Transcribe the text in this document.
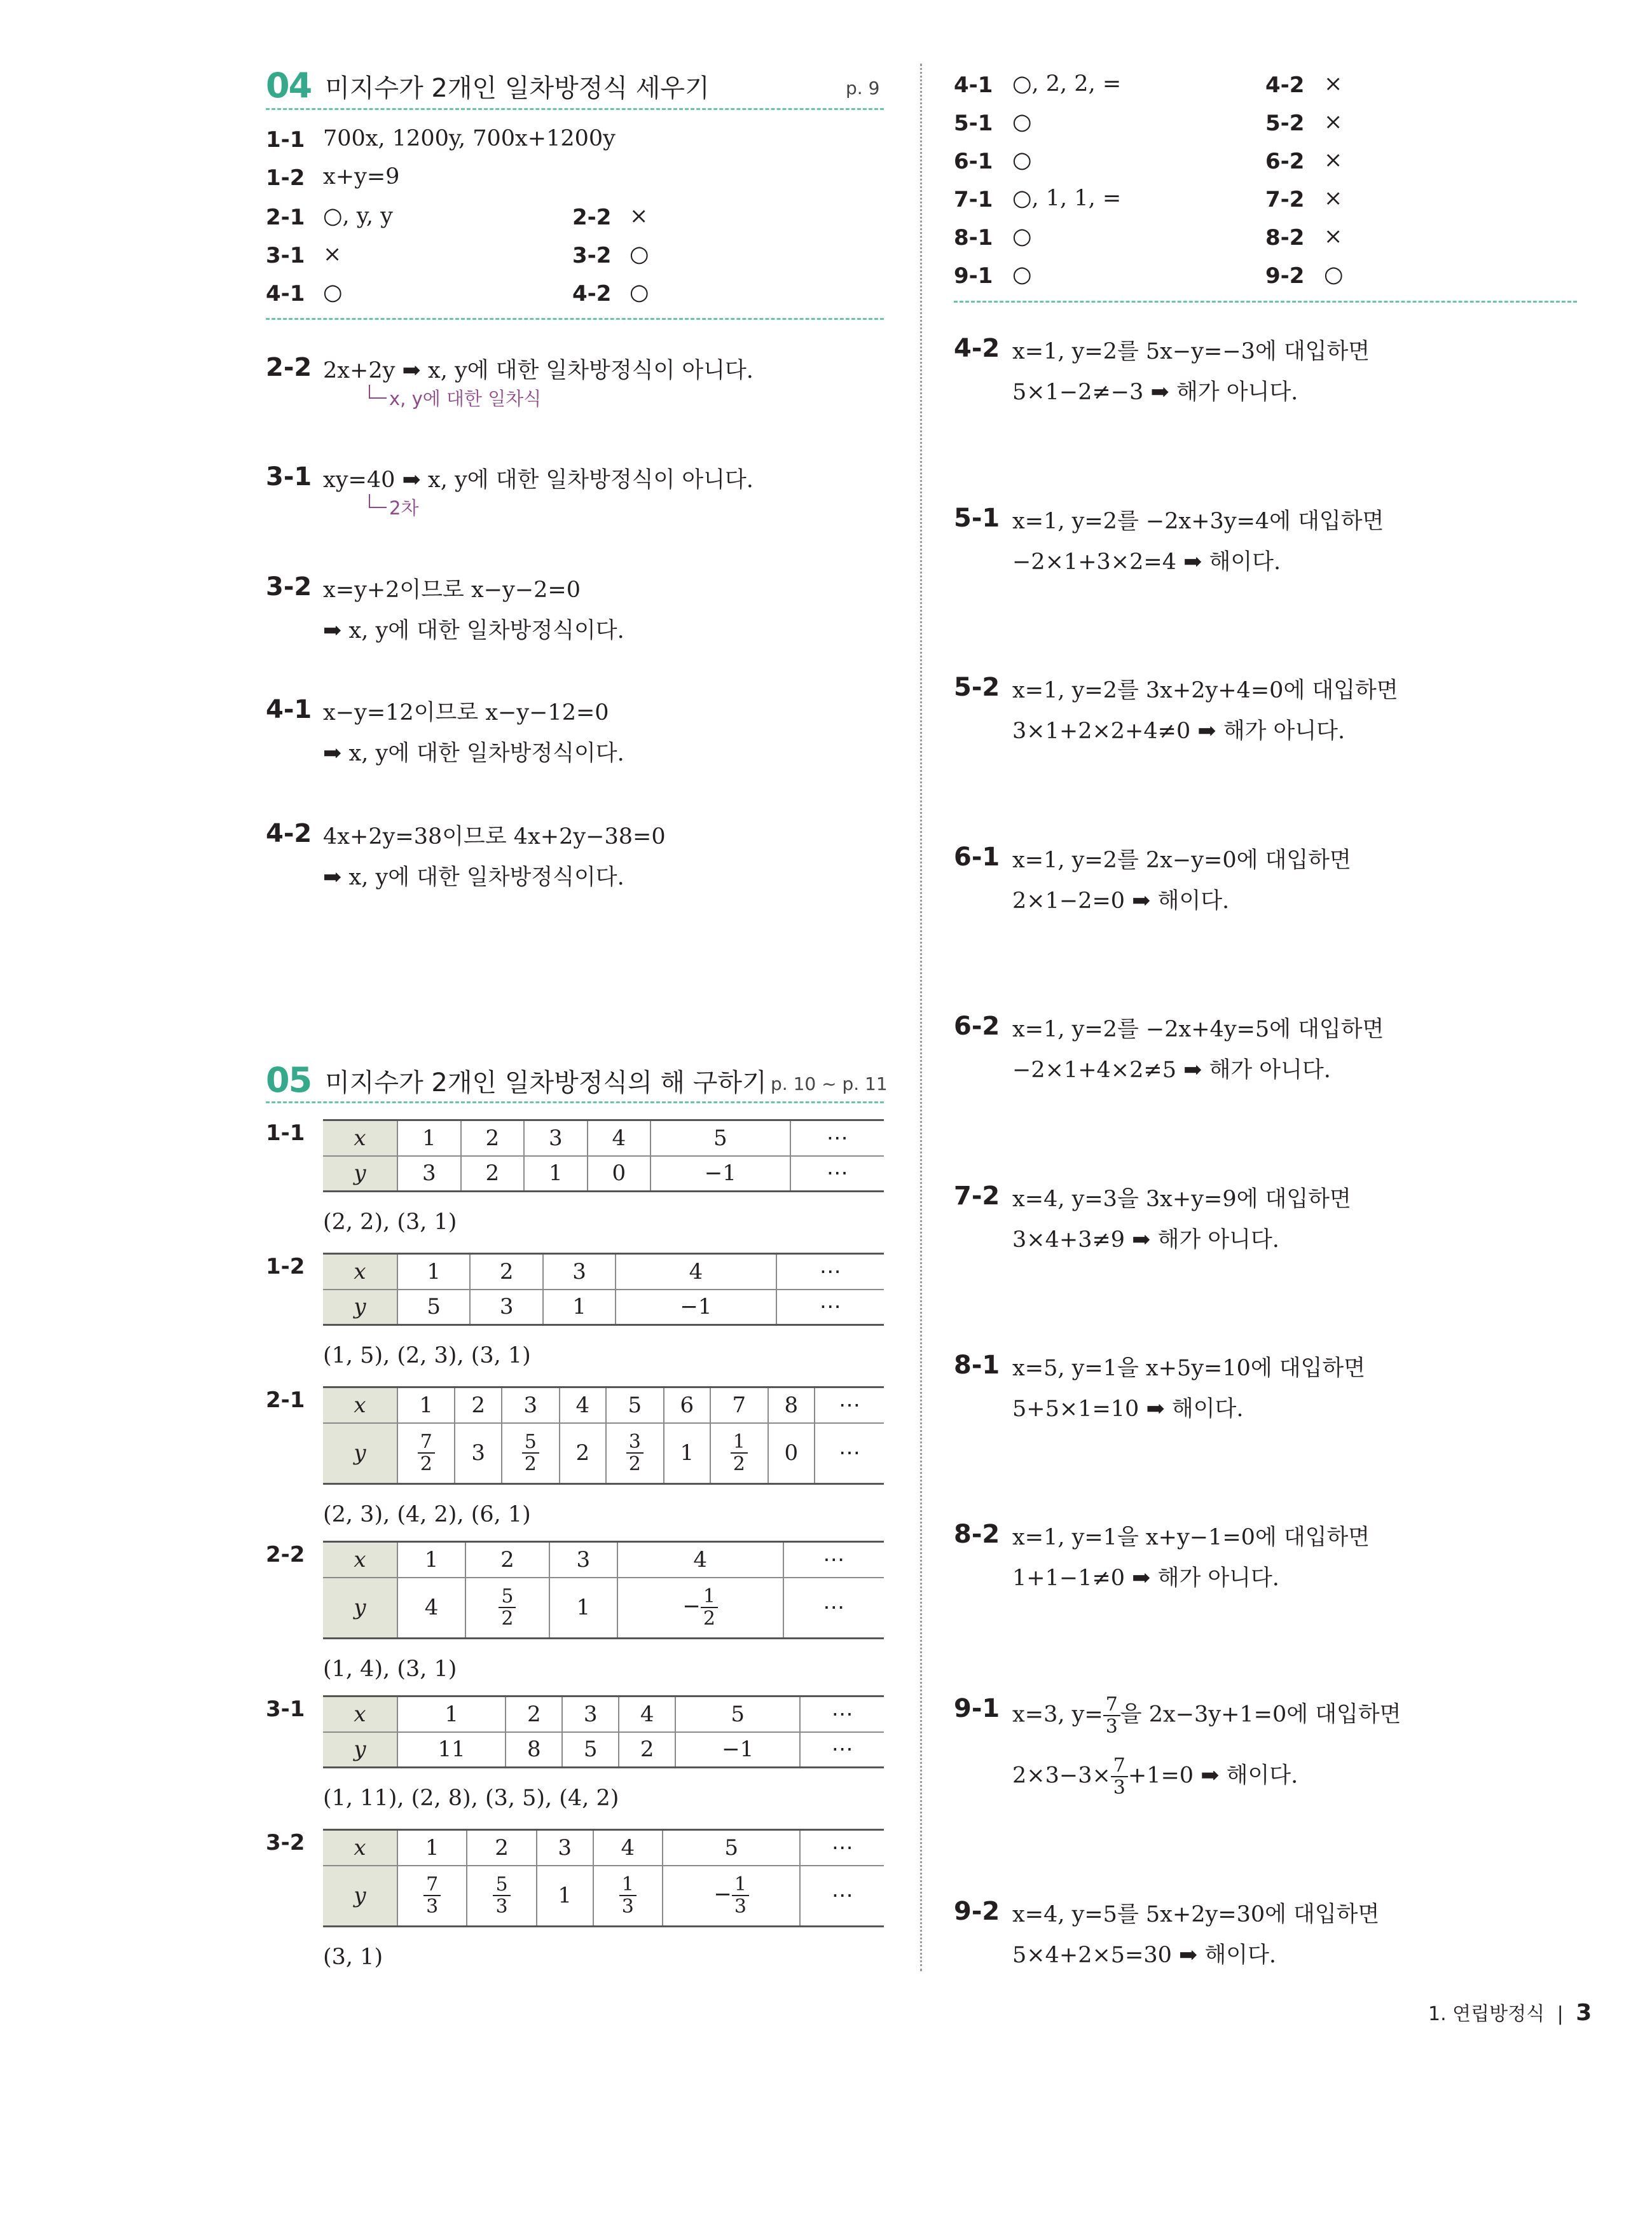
04 미지수가 2개인 일차방정식 세우기	p. 9
1-1 700x, 1200y, 700x+1200y
1-2 x+y=9
2-1 ○, y, y	2-2 ×
3-1 ×	3-2 ○
4-1 ○	4-2 ○
2-2 2x+2y ➡ x, y에 대한 일차방정식이 아니다.
x, y에 대한 일차식
3-1 xy=40 ➡ x, y에 대한 일차방정식이 아니다.
2차
3-2 x=y+2이므로 x−y−2=0
➡ x, y에 대한 일차방정식이다.
4-1 x−y=12이므로 x−y−12=0
➡ x, y에 대한 일차방정식이다.
4-2 4x+2y=38이므로 4x+2y−38=0
➡ x, y에 대한 일차방정식이다.
05 미지수가 2개인 일차방정식의 해 구하기 p. 10 ~ p. 11
1-1 x	1	2	3	4	5	⋯
y	3	2	1	0	−1	⋯
(2, 2), (3, 1)
1-2 x	1	2	3	4	⋯
y	5	3	1	−1	⋯
(1, 5), (2, 3), (3, 1)
2-1 x	1	2	3	4	5	6	7	8	⋯
y	$\frac{7}{2}$	3	$\frac{5}{2}$	2	$\frac{3}{2}$	1	$\frac{1}{2}$	0	⋯
(2, 3), (4, 2), (6, 1)
2-2 x	1	2	3	4	⋯
y	4	$\frac{5}{2}$	1	− $\frac{1}{2}$	⋯
(1, 4), (3, 1)
3-1 x	1	2	3	4	5	⋯
y	11	8	5	2	−1	⋯
(1, 11), (2, 8), (3, 5), (4, 2)
3-2 x	1	2	3	4	5	⋯
y	$\frac{7}{3}$	$\frac{5}{3}$	1	$\frac{1}{3}$	− $\frac{1}{3}$	⋯
(3, 1)
4-1 ○, 2, 2, =	4-2 ×
5-1 ○	5-2 ×
6-1 ○	6-2 ×
7-1 ○, 1, 1, =	7-2 ×
8-1 ○	8-2 ×
9-1 ○	9-2 ○
4-2 x=1, y=2를 5x−y=−3에 대입하면
5×1−2≠−3 ➡ 해가 아니다.
5-1 x=1, y=2를 −2x+3y=4에 대입하면
−2×1+3×2=4 ➡ 해이다.
5-2 x=1, y=2를 3x+2y+4=0에 대입하면
3×1+2×2+4≠0 ➡ 해가 아니다.
6-1 x=1, y=2를 2x−y=0에 대입하면
2×1−2=0 ➡ 해이다.
6-2 x=1, y=2를 −2x+4y=5에 대입하면
−2×1+4×2≠5 ➡ 해가 아니다.
7-2 x=4, y=3을 3x+y=9에 대입하면
3×4+3≠9 ➡ 해가 아니다.
8-1 x=5, y=1을 x+5y=10에 대입하면
5+5×1=10 ➡ 해이다.
8-2 x=1, y=1을 x+y−1=0에 대입하면
1+1−1≠0 ➡ 해가 아니다.
9-1 x=3, $y= \frac{7}{3}$ 을 2x−3y+1=0에 대입하면
$2\times 3-3\times \frac{7}{3} +1=0$ ➡ 해이다.
9-2 x=4, y=5를 5x+2y=30에 대입하면
5×4+2×5=30 ➡ 해이다.
1. 연립방정식 | 3
